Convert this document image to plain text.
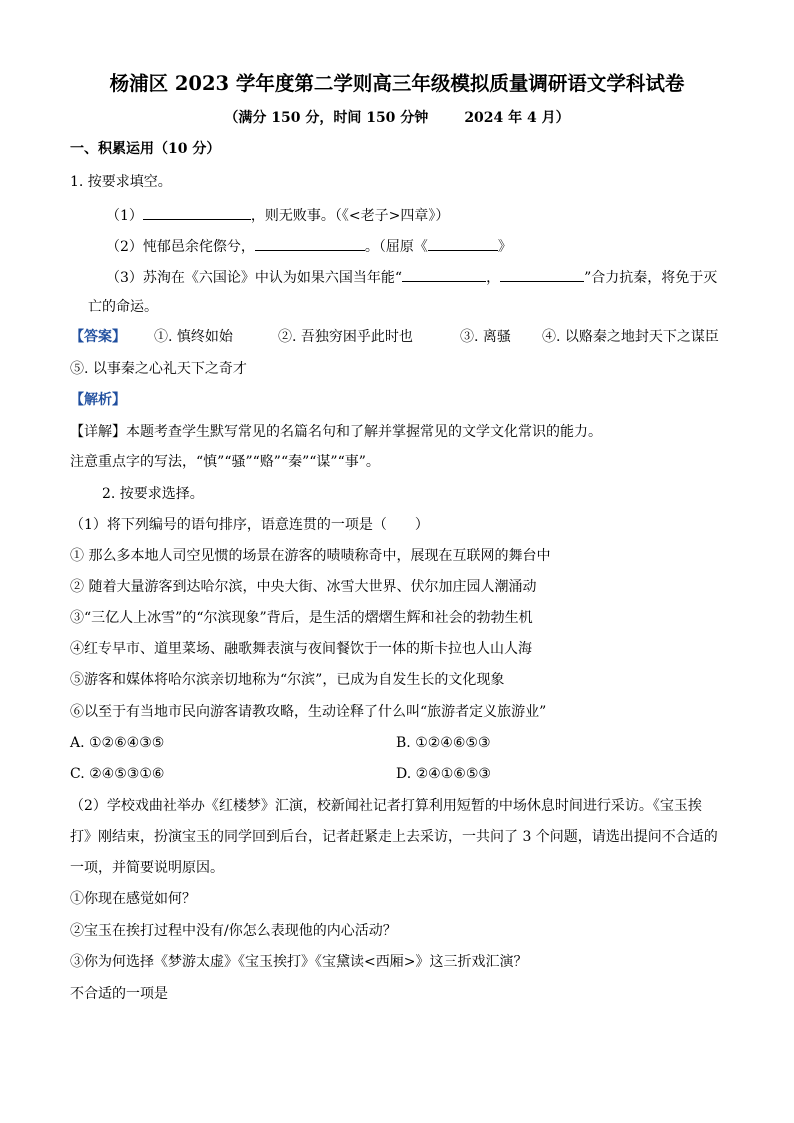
杨浦区 2023 学年度第二学则高三年级模拟质量调研语文学科试卷
（满分 150 分，时间 150 分钟	2024 年 4 月）
一、积累运用（10 分）
1. 按要求填空。
（1）	，则无败事。（《<老子>四章》）
（2）忳郁邑余侘傺兮，	。（屈原《	》
（3）苏洵在《六国论》中认为如果六国当年能“	，	”合力抗秦，将免于灭
亡的命运。
【答案】 ①. 慎终如始	②. 吾独穷困乎此时也	③. 离骚 ④. 以赂秦之地封天下之谋臣
⑤. 以事秦之心礼天下之奇才
【解析】
【详解】本题考查学生默写常见的名篇名句和了解并掌握常见的文学文化常识的能力。
注意重点字的写法，“慎”“骚”“赂”“秦”“谋”“事”。
2. 按要求选择。
（1）将下列编号的语句排序，语意连贯的一项是（　　）
① 那么多本地人司空见惯的场景在游客的啧啧称奇中，展现在互联网的舞台中
② 随着大量游客到达哈尔滨，中央大街、冰雪大世界、伏尔加庄园人潮涌动
③“三亿人上冰雪”的“尔滨现象”背后，是生活的熠熠生辉和社会的勃勃生机
④红专早市、道里菜场、融歌舞表演与夜间餐饮于一体的斯卡拉也人山人海
⑤游客和媒体将哈尔滨亲切地称为“尔滨”，已成为自发生长的文化现象
⑥以至于有当地市民向游客请教攻略，生动诠释了什么叫“旅游者定义旅游业”
A. ①②⑥④③⑤	B. ①②④⑥⑤③
C. ②④⑤③①⑥	D. ②④①⑥⑤③
（2）学校戏曲社举办《红楼梦》汇演，校新闻社记者打算利用短暂的中场休息时间进行采访。《宝玉挨
打》刚结束，扮演宝玉的同学回到后台，记者赶紧走上去采访，一共问了 3 个问题，请选出提问不合适的
一项，并简要说明原因。
①你现在感觉如何？
②宝玉在挨打过程中没有/你怎么表现他的内心活动？
③你为何选择《梦游太虚》《宝玉挨打》《宝黛读<西厢>》这三折戏汇演？
不合适的一项是
